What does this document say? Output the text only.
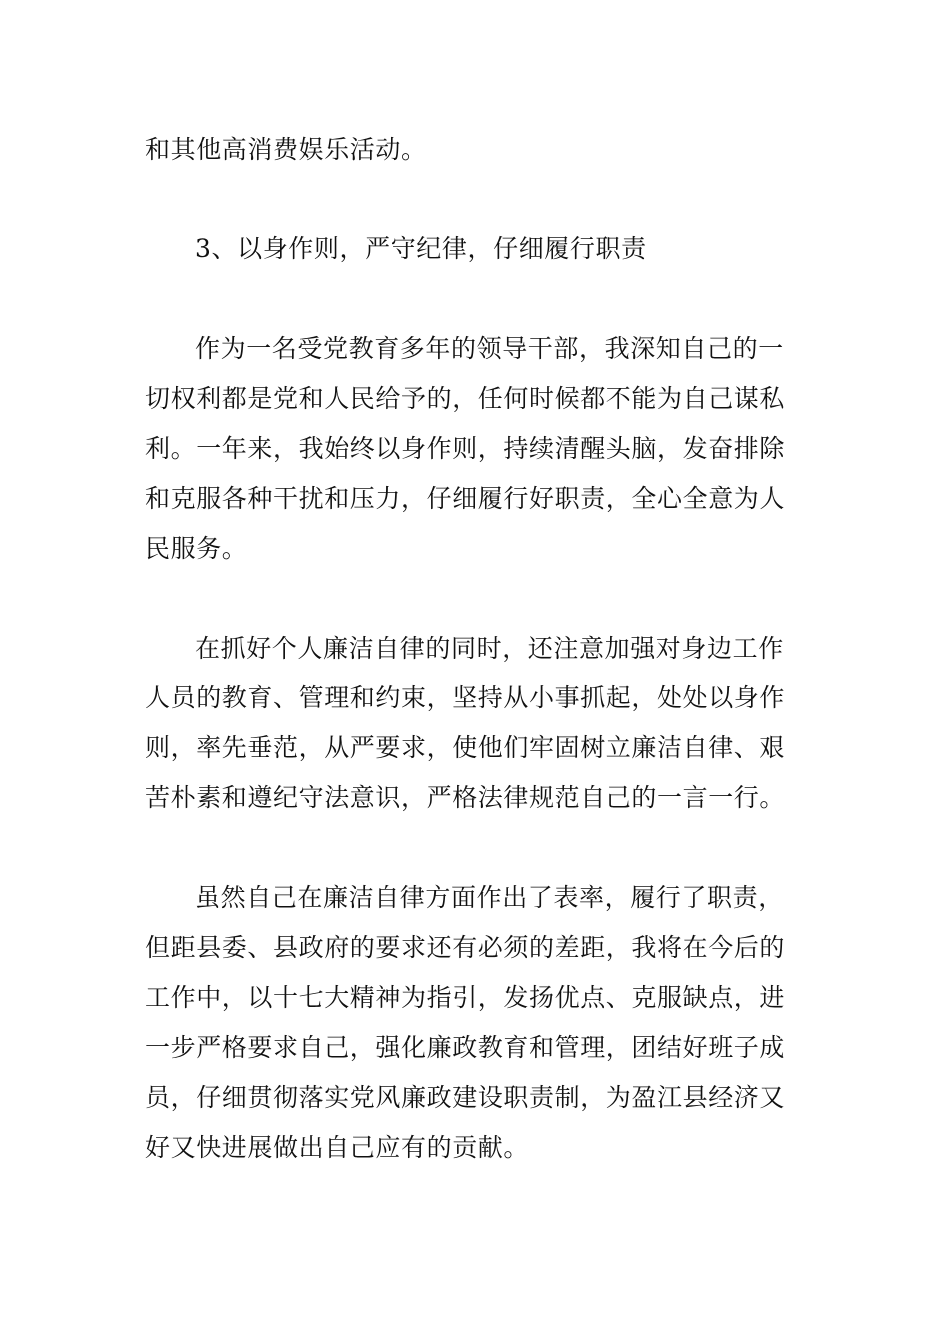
和其他高消费娱乐活动。
3、以身作则，严守纪律，仔细履行职责
作为一名受党教育多年的领导干部，我深知自己的一
切权利都是党和人民给予的，任何时候都不能为自己谋私
利。一年来，我始终以身作则，持续清醒头脑，发奋排除
和克服各种干扰和压力，仔细履行好职责，全心全意为人
民服务。
在抓好个人廉洁自律的同时，还注意加强对身边工作
人员的教育、管理和约束，坚持从小事抓起，处处以身作
则，率先垂范，从严要求，使他们牢固树立廉洁自律、艰
苦朴素和遵纪守法意识，严格法律规范自己的一言一行。
虽然自己在廉洁自律方面作出了表率，履行了职责，
但距县委、县政府的要求还有必须的差距，我将在今后的
工作中，以十七大精神为指引，发扬优点、克服缺点，进
一步严格要求自己，强化廉政教育和管理，团结好班子成
员，仔细贯彻落实党风廉政建设职责制，为盈江县经济又
好又快进展做出自己应有的贡献。
